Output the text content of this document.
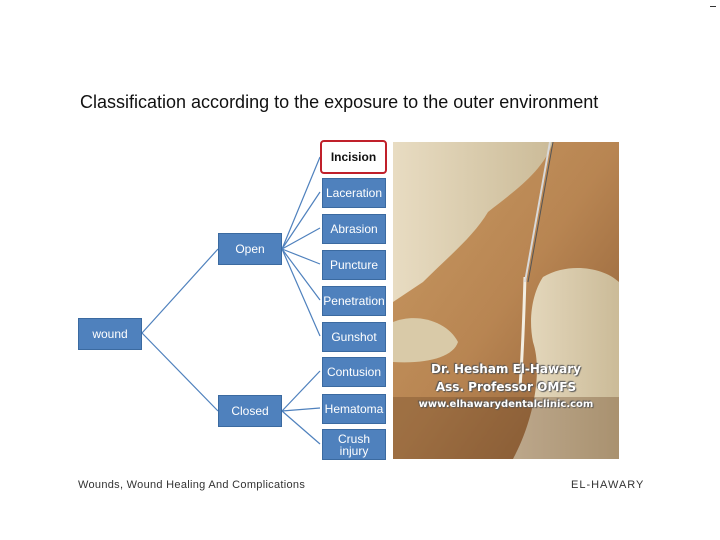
Classification according to the exposure to the outer environment
wound
Open
Closed
Incision
Laceration
Abrasion
Puncture
Penetration
Gunshot
Contusion
Hematoma
Crush injury
Dr. Hesham El-Hawary
Ass. Professor OMFS
www.elhawarydentalclinic.com
Wounds, Wound Healing And Complications	EL-HAWARY
